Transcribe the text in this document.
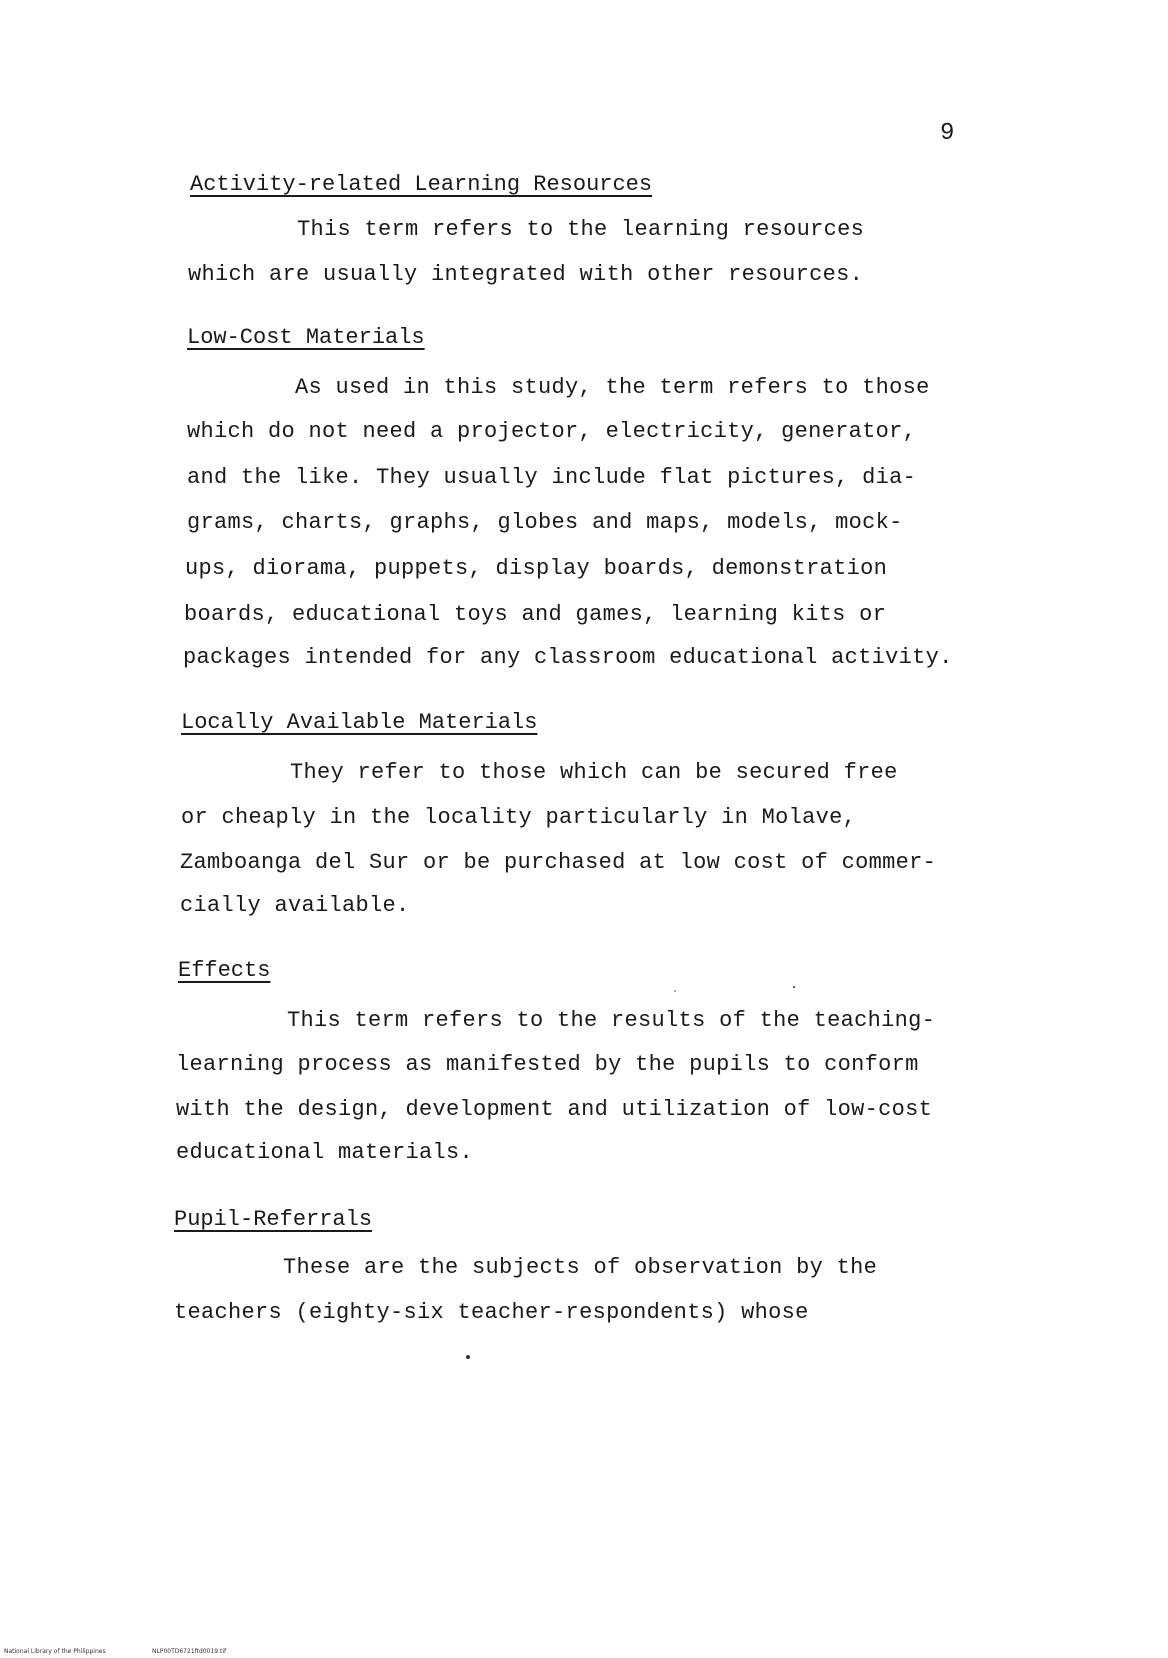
9
Activity-related Learning Resources
This term refers to the learning resources
which are usually integrated with other resources.
Low-Cost Materials
As used in this study, the term refers to those
which do not need a projector, electricity, generator,
and the like. They usually include flat pictures, dia-
grams, charts, graphs, globes and maps, models, mock-
ups, diorama, puppets, display boards, demonstration
boards, educational toys and games, learning kits or
packages intended for any classroom educational activity.
Locally Available Materials
They refer to those which can be secured free
or cheaply in the locality particularly in Molave,
Zamboanga del Sur or be purchased at low cost of commer-
cially available.
Effects
This term refers to the results of the teaching-
learning process as manifested by the pupils to conform
with the design, development and utilization of low-cost
educational materials.
Pupil-Referrals
These are the subjects of observation by the
teachers (eighty-six teacher-respondents) whose
National Library of the Philippines	NLP00TD6721ftd0019.tif
